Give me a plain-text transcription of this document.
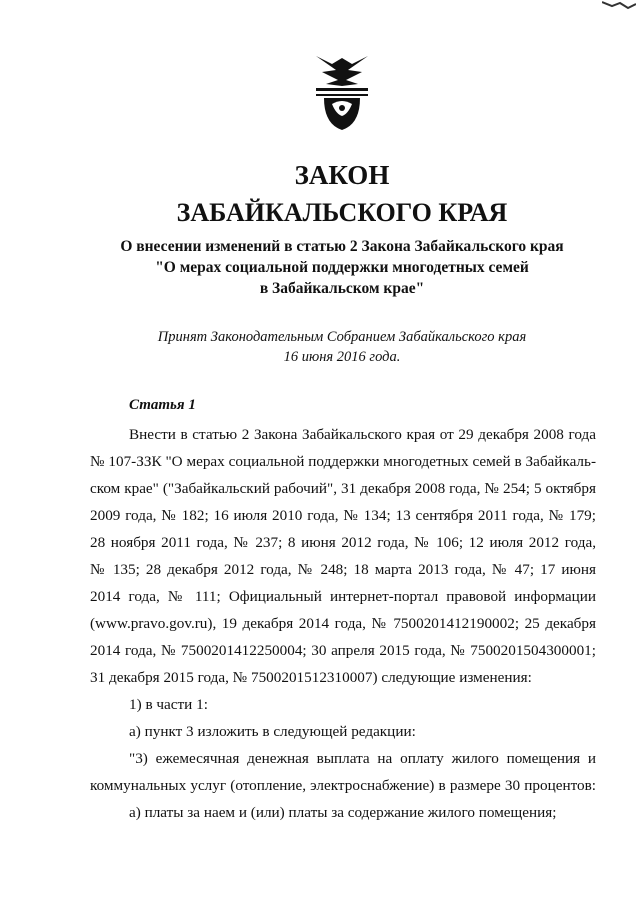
ЗАКОН
ЗАБАЙКАЛЬСКОГО КРАЯ
О внесении изменений в статью 2 Закона Забайкальского края
"О мерах социальной поддержки многодетных семей
в Забайкальском крае"
Принят Законодательным Собранием Забайкальского края
16 июня 2016 года.
Статья 1
Внести в статью 2 Закона Забайкальского края от 29 декабря 2008 года
№ 107-ЗЗК "О мерах социальной поддержки многодетных семей в Забайкаль-
ском крае" ("Забайкальский рабочий", 31 декабря 2008 года, № 254; 5 октября
2009 года, № 182; 16 июля 2010 года, № 134; 13 сентября 2011 года, № 179;
28 ноября 2011 года, № 237; 8 июня 2012 года, № 106; 12 июля 2012 года,
№ 135; 28 декабря 2012 года, № 248; 18 марта 2013 года, № 47; 17 июня
2014 года, № 111; Официальный интернет-портал правовой информации
(www.pravo.gov.ru), 19 декабря 2014 года, № 7500201412190002; 25 декабря
2014 года, № 7500201412250004; 30 апреля 2015 года, № 7500201504300001;
31 декабря 2015 года, № 7500201512310007) следующие изменения:
1) в части 1:
а) пункт 3 изложить в следующей редакции:
"3) ежемесячная денежная выплата на оплату жилого помещения и
коммунальных услуг (отопление, электроснабжение) в размере 30 процентов:
а) платы за наем и (или) платы за содержание жилого помещения;
